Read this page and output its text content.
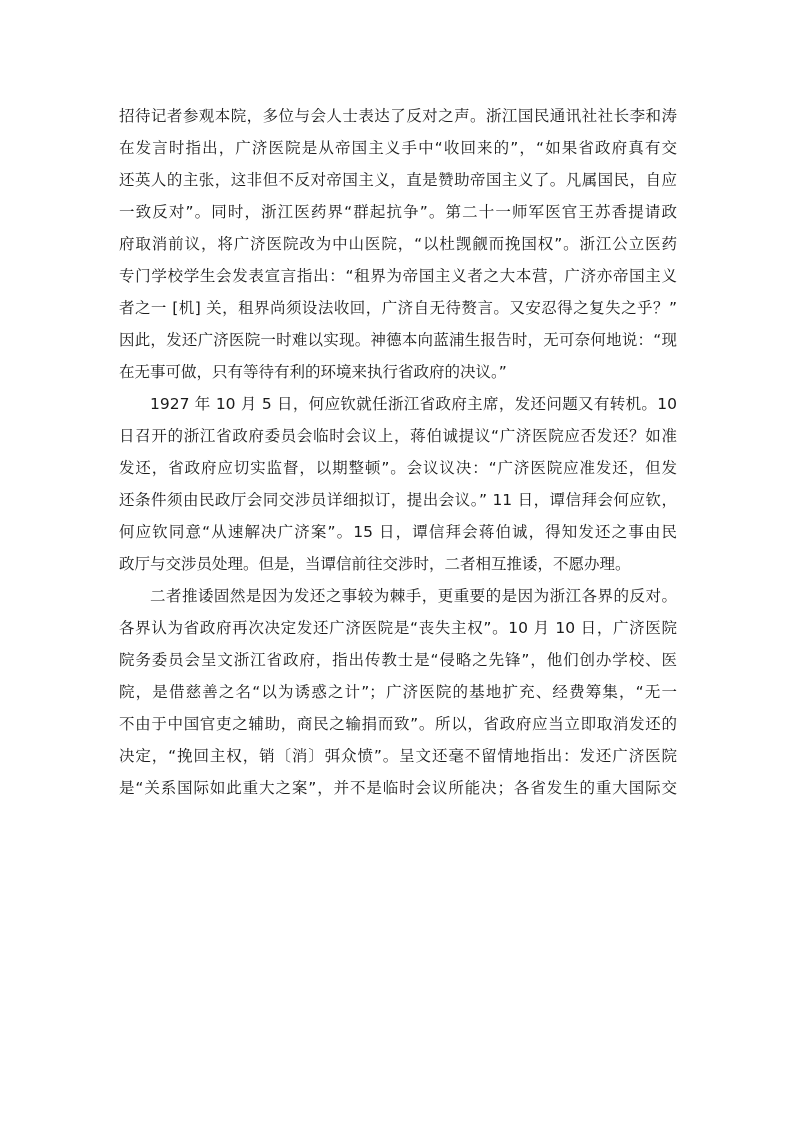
招待记者参观本院，多位与会人士表达了反对之声。浙江国民通讯社社长李和涛
在发言时指出，广济医院是从帝国主义手中“收回来的”，“如果省政府真有交
还英人的主张，这非但不反对帝国主义，直是赞助帝国主义了。凡属国民，自应
一致反对”。同时，浙江医药界“群起抗争”。第二十一师军医官王苏香提请政
府取消前议，将广济医院改为中山医院，“以杜觊觎而挽国权”。浙江公立医药
专门学校学生会发表宣言指出：“租界为帝国主义者之大本营，广济亦帝国主义
者之一 [机] 关，租界尚须设法收回，广济自无待赘言。又安忍得之复失之乎？”
因此，发还广济医院一时难以实现。神德本向蓝浦生报告时，无可奈何地说：“现
在无事可做，只有等待有利的环境来执行省政府的决议。”
1927 年 10 月 5 日，何应钦就任浙江省政府主席，发还问题又有转机。10
日召开的浙江省政府委员会临时会议上，蒋伯诚提议“广济医院应否发还？如准
发还，省政府应切实监督，以期整顿”。会议议决：“广济医院应准发还，但发
还条件须由民政厅会同交涉员详细拟订，提出会议。” 11 日，谭信拜会何应钦，
何应钦同意“从速解决广济案”。15 日，谭信拜会蒋伯诚，得知发还之事由民
政厅与交涉员处理。但是，当谭信前往交涉时，二者相互推诿，不愿办理。
二者推诿固然是因为发还之事较为棘手，更重要的是因为浙江各界的反对。
各界认为省政府再次决定发还广济医院是“丧失主权”。10 月 10 日，广济医院
院务委员会呈文浙江省政府，指出传教士是“侵略之先锋”，他们创办学校、医
院，是借慈善之名“以为诱惑之计”；广济医院的基地扩充、经费筹集，“无一
不由于中国官吏之辅助，商民之输捐而致”。所以，省政府应当立即取消发还的
决定，“挽回主权，销〔消〕弭众愤”。呈文还毫不留情地指出：发还广济医院
是“关系国际如此重大之案”，并不是临时会议所能决；各省发生的重大国际交
